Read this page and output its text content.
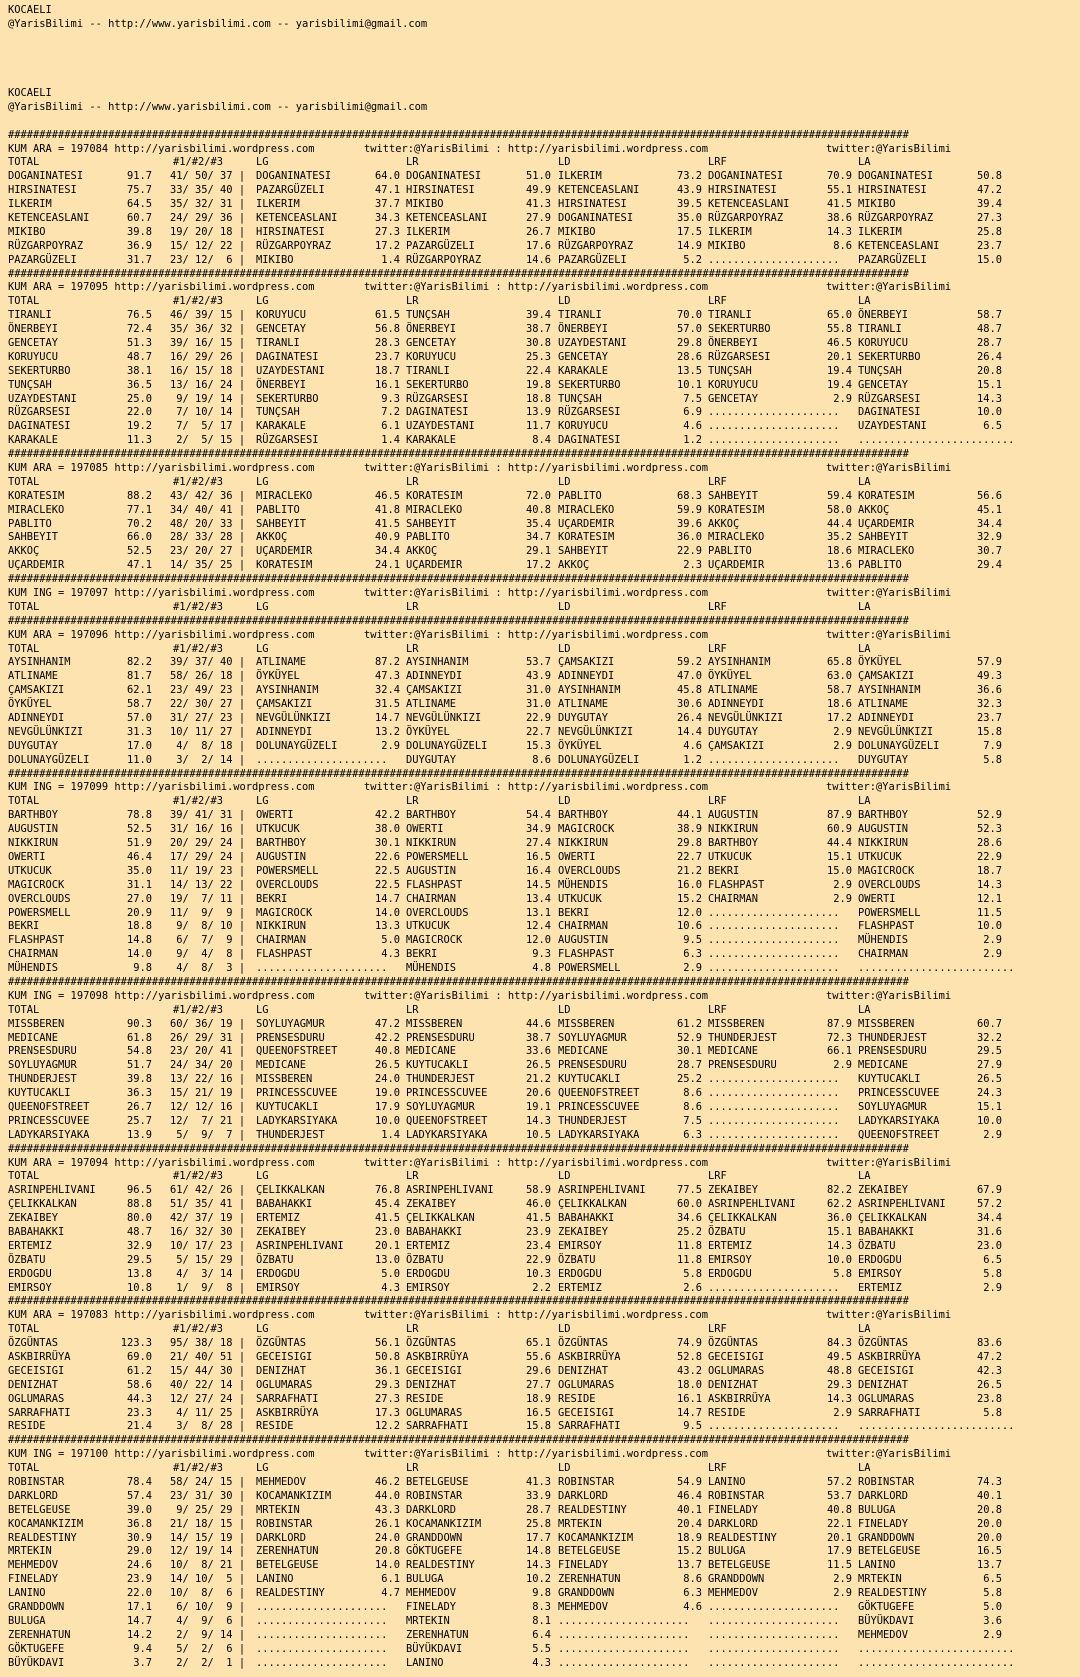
KOCAELI
@YarisBilimi -- http://www.yarisbilimi.com -- yarisbilimi@gmail.com
KOCAELI
@YarisBilimi -- http://www.yarisbilimi.com -- yarisbilimi@gmail.com
################################################################################################################################################
KUM ARA = 197084 http://yarisbilimi.wordpress.com	twitter:@YarisBilimi : http://yarisbilimi.wordpress.com	twitter:@YarisBilimi
TOTAL	#1/#2/#3	LG	LR	LD	LRF	LA
DOGANINATESI	91.7 41/ 50/ 37 | DOGANINATESI	64.0 DOGANINATESI	51.0 ILKERIM	73.2 DOGANINATESI	70.9 DOGANINATESI	50.8
HIRSINATESI	75.7 33/ 35/ 40 | PAZARGÜZELI	47.1 HIRSINATESI	49.9 KETENCEASLANI	43.9 HIRSINATESI	55.1 HIRSINATESI	47.2
ILKERIM	64.5 35/ 32/ 31 | ILKERIM	37.7 MIKIBO	41.3 HIRSINATESI	39.5 KETENCEASLANI	41.5 MIKIBO	39.4
KETENCEASLANI	60.7 24/ 29/ 36 | KETENCEASLANI	34.3 KETENCEASLANI	27.9 DOGANINATESI	35.0 RÜZGARPOYRAZ	38.6 RÜZGARPOYRAZ	27.3
MIKIBO	39.8 19/ 20/ 18 | HIRSINATESI	27.3 ILKERIM	26.7 MIKIBO	17.5 ILKERIM	14.3 ILKERIM	25.8
RÜZGARPOYRAZ	36.9 15/ 12/ 22 | RÜZGARPOYRAZ	17.2 PAZARGÜZELI	17.6 RÜZGARPOYRAZ	14.9 MIKIBO	8.6 KETENCEASLANI	23.7
PAZARGÜZELI	31.7 23/ 12/  6 | MIKIBO	1.4 RÜZGARPOYRAZ	14.6 PAZARGÜZELI	5.2 ..................... PAZARGÜZELI	15.0
################################################################################################################################################
KUM ARA = 197095 http://yarisbilimi.wordpress.com	twitter:@YarisBilimi : http://yarisbilimi.wordpress.com	twitter:@YarisBilimi
TOTAL	#1/#2/#3	LG	LR	LD	LRF	LA
TIRANLI	76.5 46/ 39/ 15 | KORUYUCU	61.5 TUNÇSAH	39.4 TIRANLI	70.0 TIRANLI	65.0 ÖNERBEYI	58.7
ÖNERBEYI	72.4 35/ 36/ 32 | GENCETAY	56.8 ÖNERBEYI	38.7 ÖNERBEYI	57.0 SEKERTURBO	55.8 TIRANLI	48.7
GENCETAY	51.3 39/ 16/ 15 | TIRANLI	28.3 GENCETAY	30.8 UZAYDESTANI	29.8 ÖNERBEYI	46.5 KORUYUCU	28.7
KORUYUCU	48.7 16/ 29/ 26 | DAGINATESI	23.7 KORUYUCU	25.3 GENCETAY	28.6 RÜZGARSESI	20.1 SEKERTURBO	26.4
SEKERTURBO	38.1 16/ 15/ 18 | UZAYDESTANI	18.7 TIRANLI	22.4 KARAKALE	13.5 TUNÇSAH	19.4 TUNÇSAH	20.8
TUNÇSAH	36.5 13/ 16/ 24 | ÖNERBEYI	16.1 SEKERTURBO	19.8 SEKERTURBO	10.1 KORUYUCU	19.4 GENCETAY	15.1
UZAYDESTANI	25.0 9/ 19/ 14 | SEKERTURBO	9.3 RÜZGARSESI	18.8 TUNÇSAH	7.5 GENCETAY	2.9 RÜZGARSESI	14.3
RÜZGARSESI	22.0 7/ 10/ 14 | TUNÇSAH	7.2 DAGINATESI	13.9 RÜZGARSESI	6.9 ..................... DAGINATESI	10.0
DAGINATESI	19.2 7/  5/ 17 | KARAKALE	6.1 UZAYDESTANI	11.7 KORUYUCU	4.6 ..................... UZAYDESTANI	6.5
KARAKALE	11.3 2/  5/ 15 | RÜZGARSESI	1.4 KARAKALE	8.4 DAGINATESI	1.2 ..................... .........................
################################################################################################################################################
KUM ARA = 197085 http://yarisbilimi.wordpress.com	twitter:@YarisBilimi : http://yarisbilimi.wordpress.com	twitter:@YarisBilimi
TOTAL	#1/#2/#3	LG	LR	LD	LRF	LA
KORATESIM	88.2 43/ 42/ 36 | MIRACLEKO	46.5 KORATESIM	72.0 PABLITO	68.3 SAHBEYIT	59.4 KORATESIM	56.6
MIRACLEKO	77.1 34/ 40/ 41 | PABLITO	41.8 MIRACLEKO	40.8 MIRACLEKO	59.9 KORATESIM	58.0 AKKOÇ	45.1
PABLITO	70.2 48/ 20/ 33 | SAHBEYIT	41.5 SAHBEYIT	35.4 UÇARDEMIR	39.6 AKKOÇ	44.4 UÇARDEMIR	34.4
SAHBEYIT	66.0 28/ 33/ 28 | AKKOÇ	40.9 PABLITO	34.7 KORATESIM	36.0 MIRACLEKO	35.2 SAHBEYIT	32.9
AKKOÇ	52.5 23/ 20/ 27 | UÇARDEMIR	34.4 AKKOÇ	29.1 SAHBEYIT	22.9 PABLITO	18.6 MIRACLEKO	30.7
UÇARDEMIR	47.1 14/ 35/ 25 | KORATESIM	24.1 UÇARDEMIR	17.2 AKKOÇ	2.3 UÇARDEMIR	13.6 PABLITO	29.4
################################################################################################################################################
KUM ING = 197097 http://yarisbilimi.wordpress.com	twitter:@YarisBilimi : http://yarisbilimi.wordpress.com	twitter:@YarisBilimi
TOTAL	#1/#2/#3	LG	LR	LD	LRF	LA
################################################################################################################################################
KUM ARA = 197096 http://yarisbilimi.wordpress.com	twitter:@YarisBilimi : http://yarisbilimi.wordpress.com	twitter:@YarisBilimi
TOTAL	#1/#2/#3	LG	LR	LD	LRF	LA
AYSINHANIM	82.2 39/ 37/ 40 | ATLINAME	87.2 AYSINHANIM	53.7 ÇAMSAKIZI	59.2 AYSINHANIM	65.8 ÖYKÜYEL	57.9
ATLINAME	81.7 58/ 26/ 18 | ÖYKÜYEL	47.3 ADINNEYDI	43.9 ADINNEYDI	47.0 ÖYKÜYEL	63.0 ÇAMSAKIZI	49.3
ÇAMSAKIZI	62.1 23/ 49/ 23 | AYSINHANIM	32.4 ÇAMSAKIZI	31.0 AYSINHANIM	45.8 ATLINAME	58.7 AYSINHANIM	36.6
ÖYKÜYEL	58.7 22/ 30/ 27 | ÇAMSAKIZI	31.5 ATLINAME	31.0 ATLINAME	30.6 ADINNEYDI	18.6 ATLINAME	32.3
ADINNEYDI	57.0 31/ 27/ 23 | NEVGÜLÜNKIZI	14.7 NEVGÜLÜNKIZI	22.9 DUYGUTAY	26.4 NEVGÜLÜNKIZI	17.2 ADINNEYDI	23.7
NEVGÜLÜNKIZI	31.3 10/ 11/ 27 | ADINNEYDI	13.2 ÖYKÜYEL	22.7 NEVGÜLÜNKIZI	14.4 DUYGUTAY	2.9 NEVGÜLÜNKIZI	15.8
DUYGUTAY	17.0 4/  8/ 18 | DOLUNAYGÜZELI	2.9 DOLUNAYGÜZELI	15.3 ÖYKÜYEL	4.6 ÇAMSAKIZI	2.9 DOLUNAYGÜZELI	7.9
DOLUNAYGÜZELI	11.0 3/  2/ 14 | ..................... DUYGUTAY	8.6 DOLUNAYGÜZELI	1.2 ..................... DUYGUTAY	5.8
################################################################################################################################################
KUM ING = 197099 http://yarisbilimi.wordpress.com	twitter:@YarisBilimi : http://yarisbilimi.wordpress.com	twitter:@YarisBilimi
TOTAL	#1/#2/#3	LG	LR	LD	LRF	LA
BARTHBOY	78.8 39/ 41/ 31 | OWERTI	42.2 BARTHBOY	54.4 BARTHBOY	44.1 AUGUSTIN	87.9 BARTHBOY	52.9
AUGUSTIN	52.5 31/ 16/ 16 | UTKUCUK	38.0 OWERTI	34.9 MAGICROCK	38.9 NIKKIRUN	60.9 AUGUSTIN	52.3
NIKKIRUN	51.9 20/ 29/ 24 | BARTHBOY	30.1 NIKKIRUN	27.4 NIKKIRUN	29.8 BARTHBOY	44.4 NIKKIRUN	28.6
OWERTI	46.4 17/ 29/ 24 | AUGUSTIN	22.6 POWERSMELL	16.5 OWERTI	22.7 UTKUCUK	15.1 UTKUCUK	22.9
UTKUCUK	35.0 11/ 19/ 23 | POWERSMELL	22.5 AUGUSTIN	16.4 OVERCLOUDS	21.2 BEKRI	15.0 MAGICROCK	18.7
MAGICROCK	31.1 14/ 13/ 22 | OVERCLOUDS	22.5 FLASHPAST	14.5 MÜHENDIS	16.0 FLASHPAST	2.9 OVERCLOUDS	14.3
OVERCLOUDS	27.0 19/  7/ 11 | BEKRI	14.7 CHAIRMAN	13.4 UTKUCUK	15.2 CHAIRMAN	2.9 OWERTI	12.1
POWERSMELL	20.9 11/  9/  9 | MAGICROCK	14.0 OVERCLOUDS	13.1 BEKRI	12.0 ..................... POWERSMELL	11.5
BEKRI	18.8 9/  8/ 10 | NIKKIRUN	13.3 UTKUCUK	12.4 CHAIRMAN	10.6 ..................... FLASHPAST	10.0
FLASHPAST	14.8 6/  7/  9 | CHAIRMAN	5.0 MAGICROCK	12.0 AUGUSTIN	9.5 ..................... MÜHENDIS	2.9
CHAIRMAN	14.0 9/  4/  8 | FLASHPAST	4.3 BEKRI	9.3 FLASHPAST	6.3 ..................... CHAIRMAN	2.9
MÜHENDIS	9.8 4/  8/  3 | ..................... MÜHENDIS	4.8 POWERSMELL	2.9 ..................... .........................
################################################################################################################################################
KUM ING = 197098 http://yarisbilimi.wordpress.com	twitter:@YarisBilimi : http://yarisbilimi.wordpress.com	twitter:@YarisBilimi
TOTAL	#1/#2/#3	LG	LR	LD	LRF	LA
MISSBEREN	90.3 60/ 36/ 19 | SOYLUYAGMUR	47.2 MISSBEREN	44.6 MISSBEREN	61.2 MISSBEREN	87.9 MISSBEREN	60.7
MEDICANE	61.8 26/ 29/ 31 | PRENSESDURU	42.2 PRENSESDURU	38.7 SOYLUYAGMUR	52.9 THUNDERJEST	72.3 THUNDERJEST	32.2
PRENSESDURU	54.8 23/ 20/ 41 | QUEENOFSTREET	40.8 MEDICANE	33.6 MEDICANE	30.1 MEDICANE	66.1 PRENSESDURU	29.5
SOYLUYAGMUR	51.7 24/ 34/ 20 | MEDICANE	26.5 KUYTUCAKLI	26.5 PRENSESDURU	28.7 PRENSESDURU	2.9 MEDICANE	27.9
THUNDERJEST	39.8 13/ 22/ 16 | MISSBEREN	24.0 THUNDERJEST	21.2 KUYTUCAKLI	25.2 ..................... KUYTUCAKLI	26.5
KUYTUCAKLI	36.3 15/ 21/ 19 | PRINCESSCUVEE	19.0 PRINCESSCUVEE	20.6 QUEENOFSTREET	8.6 ..................... PRINCESSCUVEE	24.3
QUEENOFSTREET	26.7 12/ 12/ 16 | KUYTUCAKLI	17.9 SOYLUYAGMUR	19.1 PRINCESSCUVEE	8.6 ..................... SOYLUYAGMUR	15.1
PRINCESSCUVEE	25.7 12/  7/ 21 | LADYKARSIYAKA	10.0 QUEENOFSTREET	14.3 THUNDERJEST	7.5 ..................... LADYKARSIYAKA	10.0
LADYKARSIYAKA	13.9 5/  9/  7 | THUNDERJEST	1.4 LADYKARSIYAKA	10.5 LADYKARSIYAKA	6.3 ..................... QUEENOFSTREET	2.9
################################################################################################################################################
KUM ARA = 197094 http://yarisbilimi.wordpress.com	twitter:@YarisBilimi : http://yarisbilimi.wordpress.com	twitter:@YarisBilimi
TOTAL	#1/#2/#3	LG	LR	LD	LRF	LA
ASRINPEHLIVANI	96.5 61/ 42/ 26 | ÇELIKKALKAN	76.8 ASRINPEHLIVANI	58.9 ASRINPEHLIVANI	77.5 ZEKAIBEY	82.2 ZEKAIBEY	67.9
ÇELIKKALKAN	88.8 51/ 35/ 41 | BABAHAKKI	45.4 ZEKAIBEY	46.0 ÇELIKKALKAN	60.0 ASRINPEHLIVANI	62.2 ASRINPEHLIVANI	57.2
ZEKAIBEY	80.0 42/ 37/ 19 | ERTEMIZ	41.5 ÇELIKKALKAN	41.5 BABAHAKKI	34.6 ÇELIKKALKAN	36.0 ÇELIKKALKAN	34.4
BABAHAKKI	48.7 16/ 32/ 30 | ZEKAIBEY	23.0 BABAHAKKI	23.9 ZEKAIBEY	25.2 ÖZBATU	15.1 BABAHAKKI	31.6
ERTEMIZ	32.9 10/ 17/ 23 | ASRINPEHLIVANI	20.1 ERTEMIZ	23.4 EMIRSOY	11.8 ERTEMIZ	14.3 ÖZBATU	23.0
ÖZBATU	29.5 5/ 15/ 29 | ÖZBATU	13.0 ÖZBATU	22.9 ÖZBATU	11.8 EMIRSOY	10.0 ERDOGDU	6.5
ERDOGDU	13.8 4/  3/ 14 | ERDOGDU	5.0 ERDOGDU	10.3 ERDOGDU	5.8 ERDOGDU	5.8 EMIRSOY	5.8
EMIRSOY	10.8 1/  9/  8 | EMIRSOY	4.3 EMIRSOY	2.2 ERTEMIZ	2.6 ..................... ERTEMIZ	2.9
################################################################################################################################################
KUM ARA = 197083 http://yarisbilimi.wordpress.com	twitter:@YarisBilimi : http://yarisbilimi.wordpress.com	twitter:@YarisBilimi
TOTAL	#1/#2/#3	LG	LR	LD	LRF	LA
ÖZGÜNTAS	123.3 95/ 38/ 18 | ÖZGÜNTAS	56.1 ÖZGÜNTAS	65.1 ÖZGÜNTAS	74.9 ÖZGÜNTAS	84.3 ÖZGÜNTAS	83.6
ASKBIRRÜYA	69.0 21/ 40/ 51 | GECEISIGI	50.8 ASKBIRRÜYA	55.6 ASKBIRRÜYA	52.8 GECEISIGI	49.5 ASKBIRRÜYA	47.2
GECEISIGI	61.2 15/ 44/ 30 | DENIZHAT	36.1 GECEISIGI	29.6 DENIZHAT	43.2 OGLUMARAS	48.8 GECEISIGI	42.3
DENIZHAT	58.6 40/ 22/ 14 | OGLUMARAS	29.3 DENIZHAT	27.7 OGLUMARAS	18.0 DENIZHAT	29.3 DENIZHAT	26.5
OGLUMARAS	44.3 12/ 27/ 24 | SARRAFHATI	27.3 RESIDE	18.9 RESIDE	16.1 ASKBIRRÜYA	14.3 OGLUMARAS	23.8
SARRAFHATI	23.3 4/ 11/ 25 | ASKBIRRÜYA	17.3 OGLUMARAS	16.5 GECEISIGI	14.7 RESIDE	2.9 SARRAFHATI	5.8
RESIDE	21.4 3/  8/ 28 | RESIDE	12.2 SARRAFHATI	15.8 SARRAFHATI	9.5 ..................... .........................
################################################################################################################################################
KUM ING = 197100 http://yarisbilimi.wordpress.com	twitter:@YarisBilimi : http://yarisbilimi.wordpress.com	twitter:@YarisBilimi
TOTAL	#1/#2/#3	LG	LR	LD	LRF	LA
ROBINSTAR	78.4 58/ 24/ 15 | MEHMEDOV	46.2 BETELGEUSE	41.3 ROBINSTAR	54.9 LANINO	57.2 ROBINSTAR	74.3
DARKLORD	57.4 23/ 31/ 30 | KOCAMANKIZIM	44.0 ROBINSTAR	33.9 DARKLORD	46.4 ROBINSTAR	53.7 DARKLORD	40.1
BETELGEUSE	39.0 9/ 25/ 29 | MRTEKIN	43.3 DARKLORD	28.7 REALDESTINY	40.1 FINELADY	40.8 BULUGA	20.8
KOCAMANKIZIM	36.8 21/ 18/ 15 | ROBINSTAR	26.1 KOCAMANKIZIM	25.8 MRTEKIN	20.4 DARKLORD	22.1 FINELADY	20.0
REALDESTINY	30.9 14/ 15/ 19 | DARKLORD	24.0 GRANDDOWN	17.7 KOCAMANKIZIM	18.9 REALDESTINY	20.1 GRANDDOWN	20.0
MRTEKIN	29.0 12/ 19/ 14 | ZERENHATUN	20.8 GÖKTUGEFE	14.8 BETELGEUSE	15.2 BULUGA	17.9 BETELGEUSE	16.5
MEHMEDOV	24.6 10/  8/ 21 | BETELGEUSE	14.0 REALDESTINY	14.3 FINELADY	13.7 BETELGEUSE	11.5 LANINO	13.7
FINELADY	23.9 14/ 10/  5 | LANINO	6.1 BULUGA	10.2 ZERENHATUN	8.6 GRANDDOWN	2.9 MRTEKIN	6.5
LANINO	22.0 10/  8/  6 | REALDESTINY	4.7 MEHMEDOV	9.8 GRANDDOWN	6.3 MEHMEDOV	2.9 REALDESTINY	5.8
GRANDDOWN	17.1 6/ 10/  9 | ..................... FINELADY	8.3 MEHMEDOV	4.6 ..................... GÖKTUGEFE	5.0
BULUGA	14.7 4/  9/  6 | ..................... MRTEKIN	8.1 ..................... ..................... BÜYÜKDAVI	3.6
ZERENHATUN	14.2 2/  9/ 14 | ..................... ZERENHATUN	6.4 ..................... ..................... MEHMEDOV	2.9
GÖKTUGEFE	9.4 5/  2/  6 | ..................... BÜYÜKDAVI	5.5 ..................... ..................... .........................
BÜYÜKDAVI	3.7 2/  2/  1 | ..................... LANINO	4.3 ..................... ..................... .........................
